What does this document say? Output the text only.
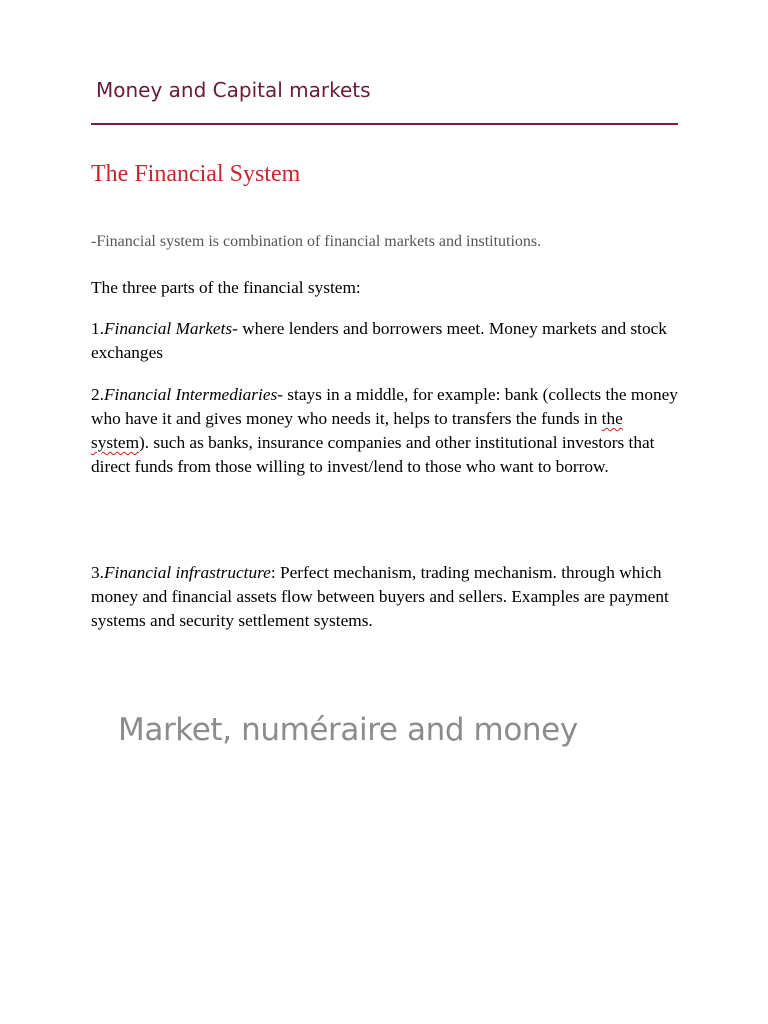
Money and Capital markets
The Financial System
-Financial system is combination of financial markets and institutions.
The three parts of the financial system:
1.Financial Markets- where lenders and borrowers meet. Money markets and stock exchanges
2.Financial Intermediaries- stays in a middle, for example: bank (collects the money who have it and gives money who needs it, helps to transfers the funds in the system). such as banks, insurance companies and other institutional investors that direct funds from those willing to invest/lend to those who want to borrow.
3.Financial infrastructure: Perfect mechanism, trading mechanism. through which money and financial assets flow between buyers and sellers. Examples are payment systems and security settlement systems.
Market, numéraire and money
